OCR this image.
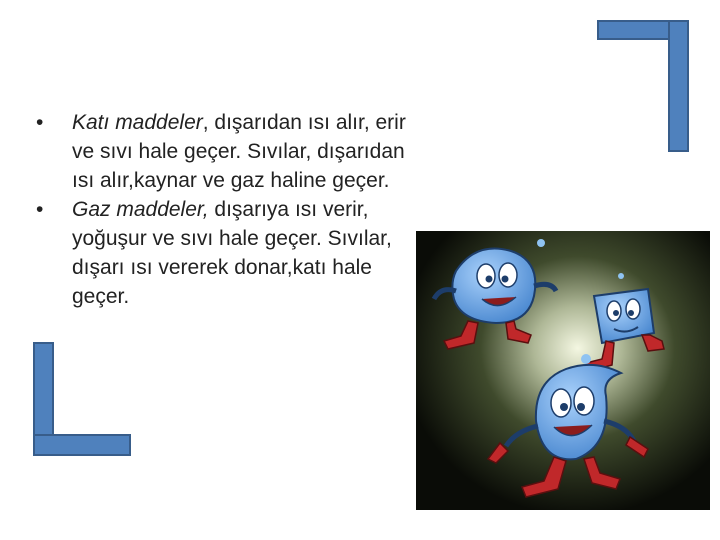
•	Katı maddeler, dışarıdan ısı alır, erir ve sıvı hale geçer. Sıvılar, dışarıdan ısı alır,kaynar ve gaz haline geçer.

•	Gaz maddeler, dışarıya ısı verir, yoğuşur ve sıvı hale geçer. Sıvılar, dışarı ısı vererek donar,katı hale geçer.
